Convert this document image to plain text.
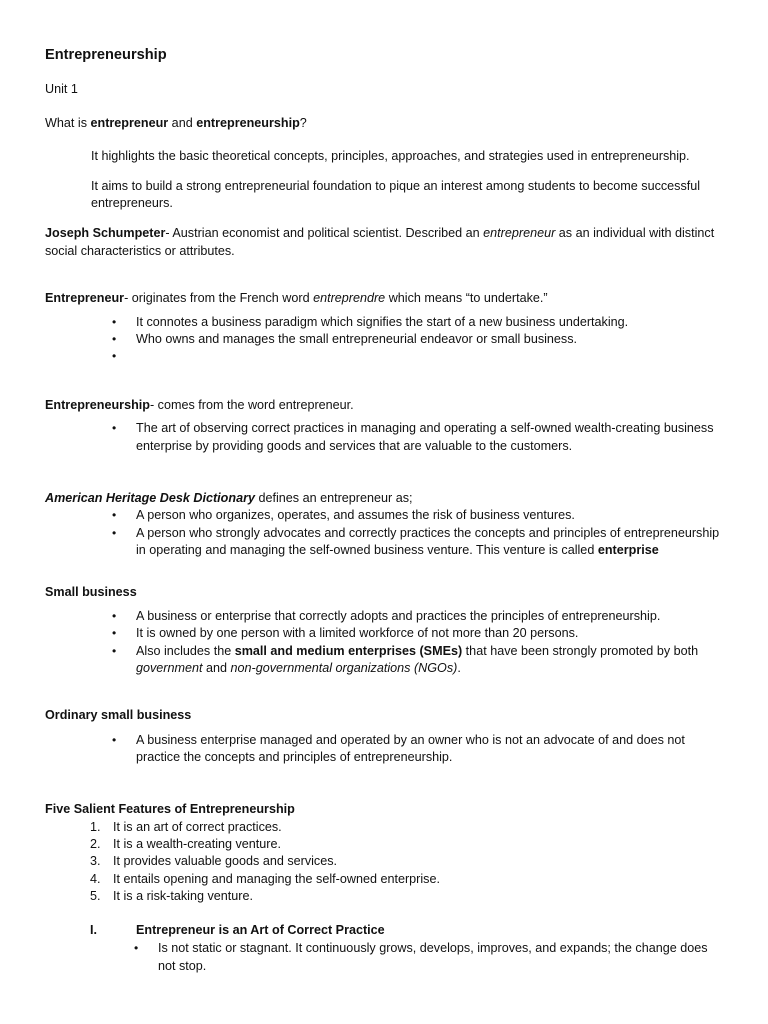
Entrepreneurship
Unit 1
What is entrepreneur and entrepreneurship?
It highlights the basic theoretical concepts, principles, approaches, and strategies used in entrepreneurship.
It aims to build a strong entrepreneurial foundation to pique an interest among students to become successful
entrepreneurs.
Joseph Schumpeter- Austrian economist and political scientist. Described an entrepreneur as an individual with distinct
social characteristics or attributes.
Entrepreneur- originates from the French word entreprendre which means “to undertake.”
• It connotes a business paradigm which signifies the start of a new business undertaking.
• Who owns and manages the small entrepreneurial endeavor or small business.
•
Entrepreneurship- comes from the word entrepreneur.
• The art of observing correct practices in managing and operating a self-owned wealth-creating business
enterprise by providing goods and services that are valuable to the customers.
American Heritage Desk Dictionary defines an entrepreneur as;
• A person who organizes, operates, and assumes the risk of business ventures.
• A person who strongly advocates and correctly practices the concepts and principles of entrepreneurship
in operating and managing the self-owned business venture. This venture is called enterprise
Small business
• A business or enterprise that correctly adopts and practices the principles of entrepreneurship.
• It is owned by one person with a limited workforce of not more than 20 persons.
• Also includes the small and medium enterprises (SMEs) that have been strongly promoted by both
government and non-governmental organizations (NGOs).
Ordinary small business
• A business enterprise managed and operated by an owner who is not an advocate of and does not
practice the concepts and principles of entrepreneurship.
Five Salient Features of Entrepreneurship
1. It is an art of correct practices.
2. It is a wealth-creating venture.
3. It provides valuable goods and services.
4. It entails opening and managing the self-owned enterprise.
5. It is a risk-taking venture.
I.	Entrepreneur is an Art of Correct Practice
• Is not static or stagnant. It continuously grows, develops, improves, and expands; the change does
not stop.
